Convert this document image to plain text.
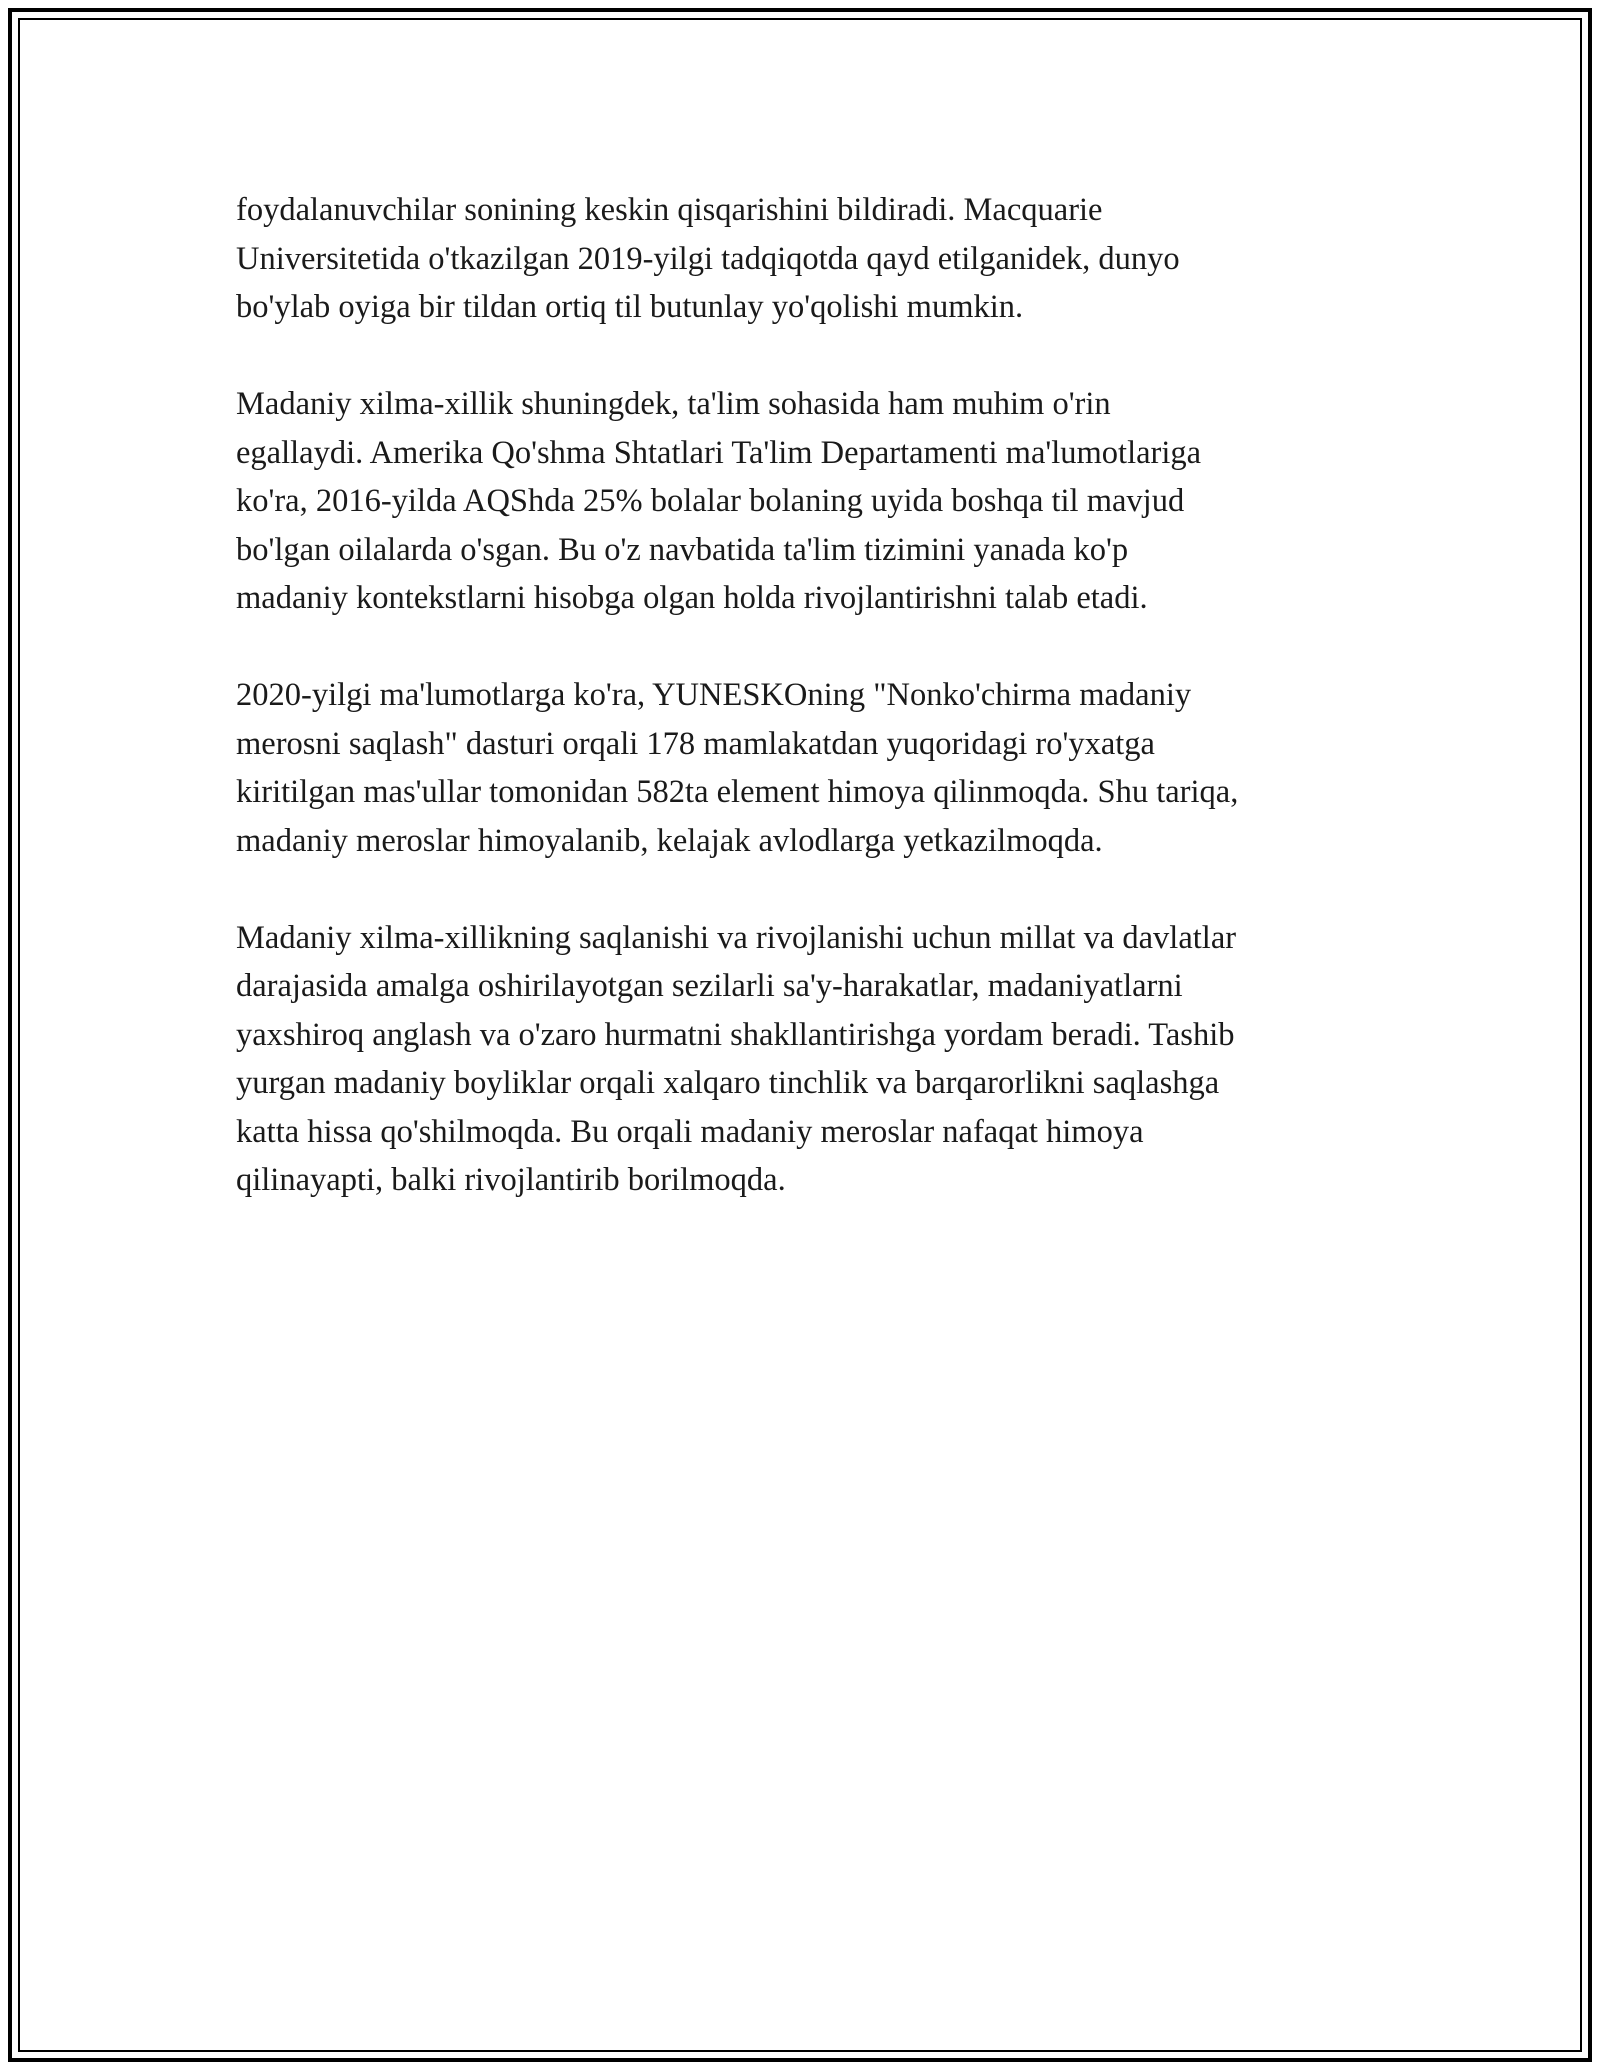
foydalanuvchilar sonining keskin qisqarishini bildiradi. Macquarie
Universitetida o'tkazilgan 2019-yilgi tadqiqotda qayd etilganidek, dunyo
bo'ylab oyiga bir tildan ortiq til butunlay yo'qolishi mumkin.

Madaniy xilma-xillik shuningdek, ta'lim sohasida ham muhim o'rin
egallaydi. Amerika Qo'shma Shtatlari Ta'lim Departamenti ma'lumotlariga
ko'ra, 2016-yilda AQShda 25% bolalar bolaning uyida boshqa til mavjud
bo'lgan oilalarda o'sgan. Bu o'z navbatida ta'lim tizimini yanada ko'p
madaniy kontekstlarni hisobga olgan holda rivojlantirishni talab etadi.

2020-yilgi ma'lumotlarga ko'ra, YUNESKOning "Nonko'chirma madaniy
merosni saqlash" dasturi orqali 178 mamlakatdan yuqoridagi ro'yxatga
kiritilgan mas'ullar tomonidan 582ta element himoya qilinmoqda. Shu tariqa,
madaniy meroslar himoyalanib, kelajak avlodlarga yetkazilmoqda.

Madaniy xilma-xillikning saqlanishi va rivojlanishi uchun millat va davlatlar
darajasida amalga oshirilayotgan sezilarli sa'y-harakatlar, madaniyatlarni
yaxshiroq anglash va o'zaro hurmatni shakllantirishga yordam beradi. Tashib
yurgan madaniy boyliklar orqali xalqaro tinchlik va barqarorlikni saqlashga
katta hissa qo'shilmoqda. Bu orqali madaniy meroslar nafaqat himoya
qilinayapti, balki rivojlantirib borilmoqda.
